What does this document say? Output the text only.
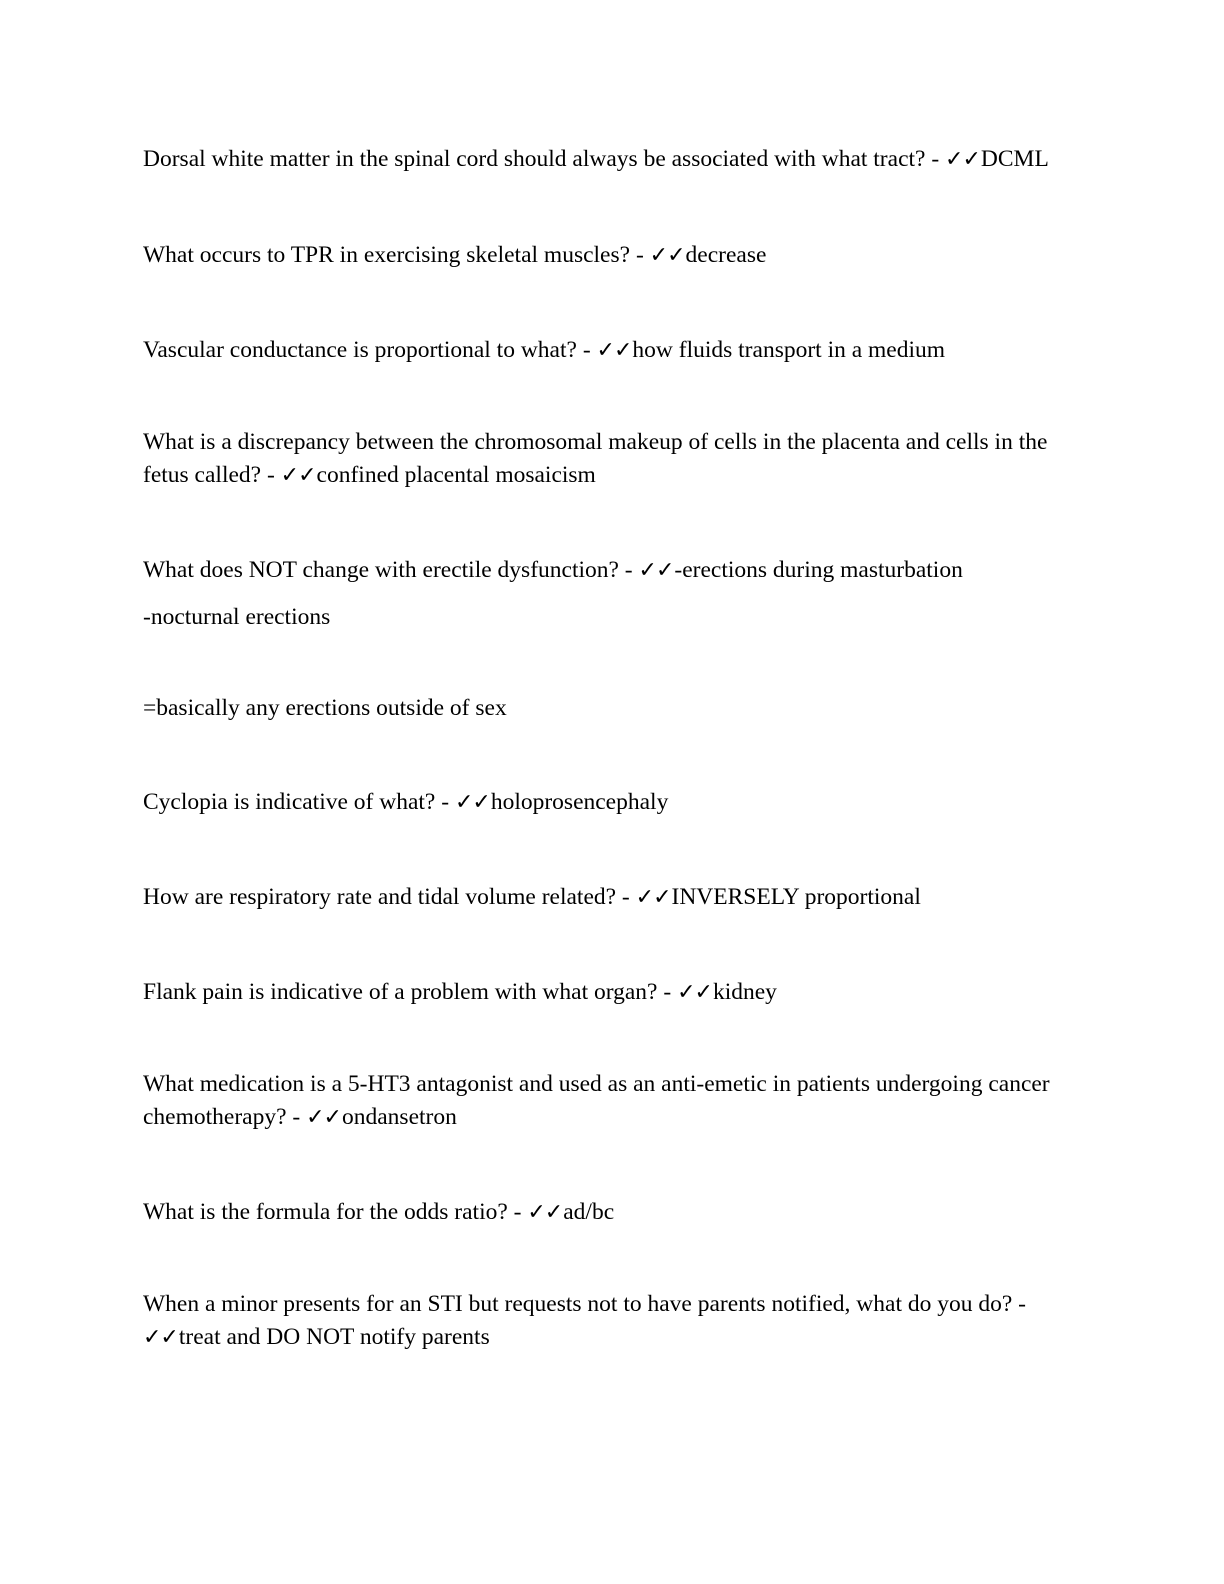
Dorsal white matter in the spinal cord should always be associated with what tract? - ✓✓DCML
What occurs to TPR in exercising skeletal muscles? - ✓✓decrease
Vascular conductance is proportional to what? - ✓✓how fluids transport in a medium
What is a discrepancy between the chromosomal makeup of cells in the placenta and cells in the fetus called? - ✓✓confined placental mosaicism
What does NOT change with erectile dysfunction? - ✓✓-erections during masturbation
-nocturnal erections
=basically any erections outside of sex
Cyclopia is indicative of what? - ✓✓holoprosencephaly
How are respiratory rate and tidal volume related? - ✓✓INVERSELY proportional
Flank pain is indicative of a problem with what organ? - ✓✓kidney
What medication is a 5-HT3 antagonist and used as an anti-emetic in patients undergoing cancer chemotherapy? - ✓✓ondansetron
What is the formula for the odds ratio? - ✓✓ad/bc
When a minor presents for an STI but requests not to have parents notified, what do you do? - ✓✓treat and DO NOT notify parents
